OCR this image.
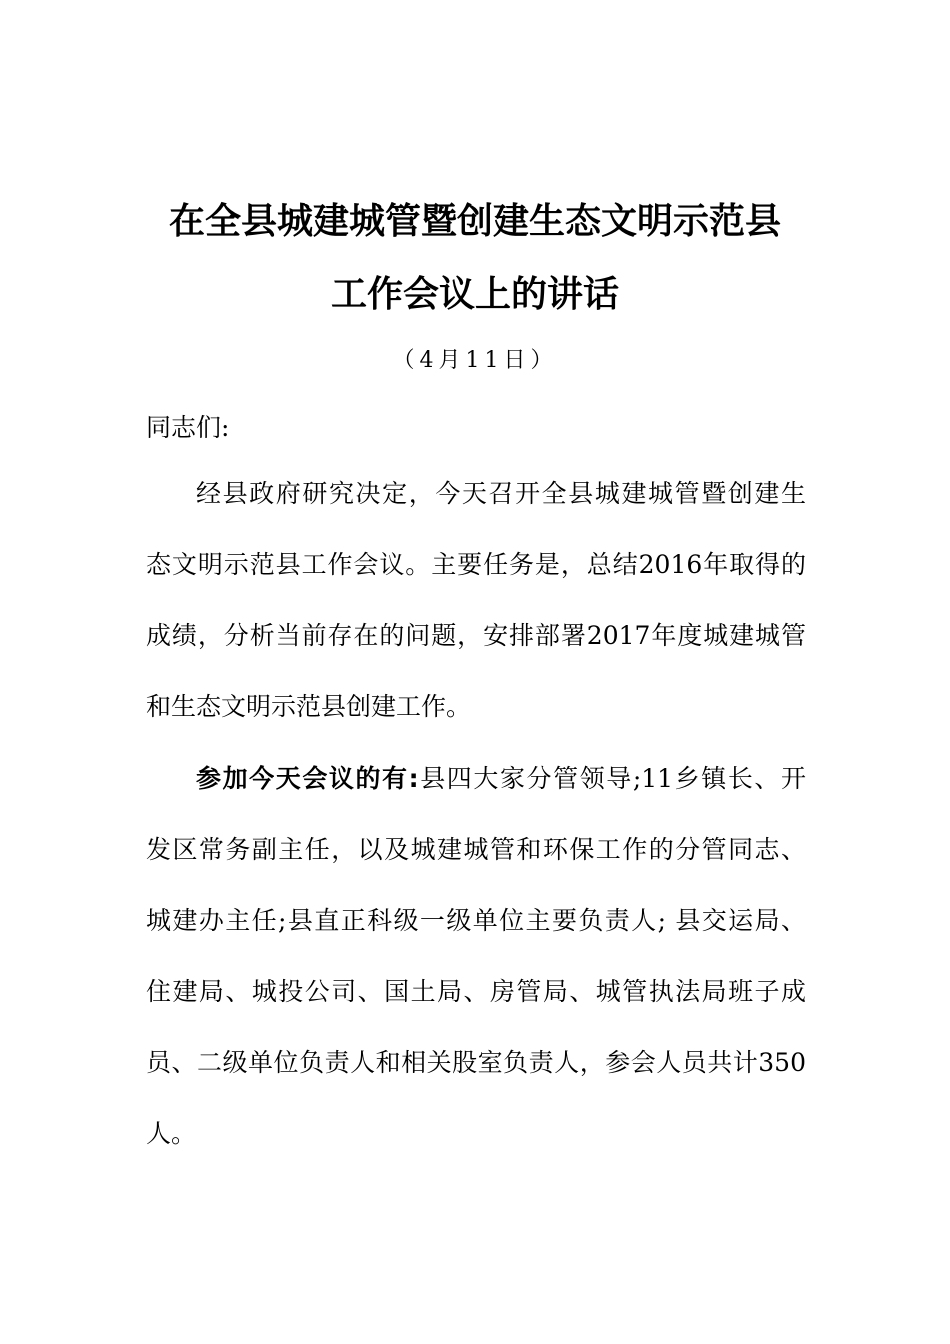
在全县城建城管暨创建生态文明示范县
工作会议上的讲话
（4月11日）
同志们:
经县政府研究决定，今天召开全县城建城管暨创建生
态文明示范县工作会议。主要任务是，总结2016年取得的
成绩，分析当前存在的问题，安排部署2017年度城建城管
和生态文明示范县创建工作。
参加今天会议的有:县四大家分管领导;11乡镇长、开
发区常务副主任，以及城建城管和环保工作的分管同志、
城建办主任;县直正科级一级单位主要负责人; 县交运局、
住建局、城投公司、国土局、房管局、城管执法局班子成
员、二级单位负责人和相关股室负责人，参会人员共计350
人。
